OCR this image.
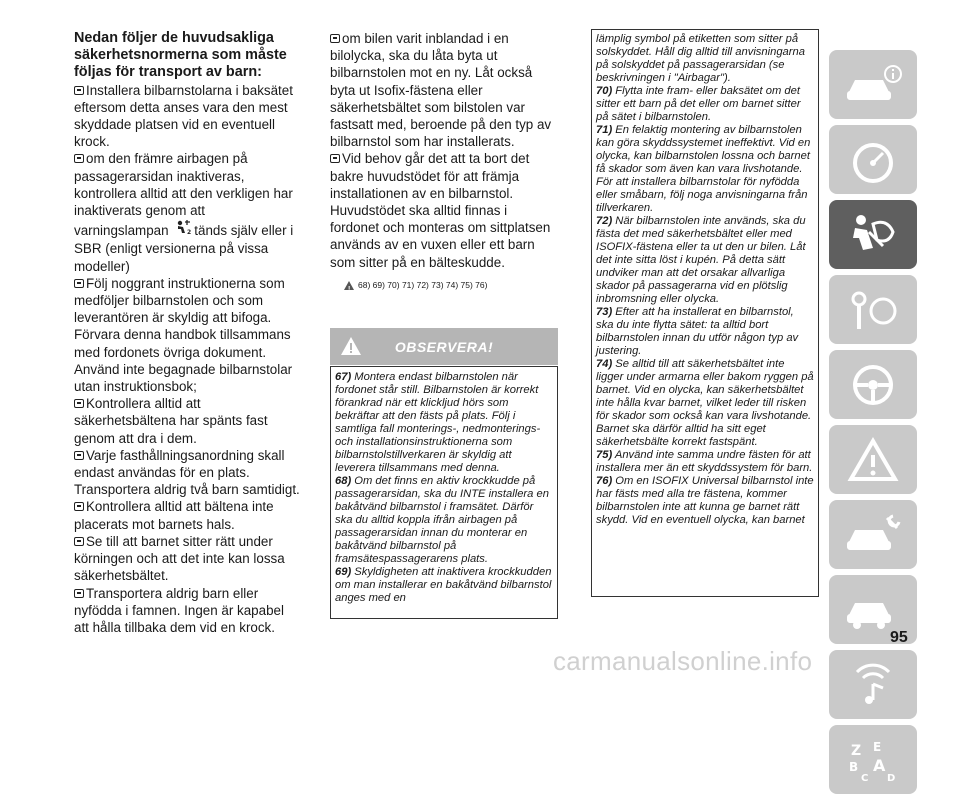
Nedan följer de huvudsakliga säkerhetsnormerna som måste följas för transport av barn:

Installera bilbarnstolarna i baksätet eftersom detta anses vara den mest skyddade platsen vid en eventuell krock.

om den främre airbagen på passagerarsidan inaktiveras, kontrollera alltid att den verkligen har inaktiverats genom att varningslampan	2 tänds själv eller i SBR (enligt versionerna på vissa modeller)

Följ noggrant instruktionerna som medföljer bilbarnstolen och som leverantören är skyldig att bifoga. Förvara denna handbok tillsammans med fordonets övriga dokument. Använd inte begagnade bilbarnstolar utan instruktionsbok;

Kontrollera alltid att säkerhetsbältena har spänts fast genom att dra i dem.

Varje fasthållningsanordning skall endast användas för en plats. Transportera aldrig två barn samtidigt.

Kontrollera alltid att bältena inte placerats mot barnets hals.

Se till att barnet sitter rätt under körningen och att det inte kan lossa säkerhetsbältet.

Transportera aldrig barn eller nyfödda i famnen. Ingen är kapabel att hålla tillbaka dem vid en krock.

om bilen varit inblandad i en bilolycka, ska du låta byta ut bilbarnstolen mot en ny. Låt också byta ut Isofix-fästena eller säkerhetsbältet som bilstolen var fastsatt med, beroende på den typ av bilbarnstol som har installerats.

Vid behov går det att ta bort det bakre huvudstödet för att främja installationen av en bilbarnstol. Huvudstödet ska alltid finnas i fordonet och monteras om sittplatsen används av en vuxen eller ett barn som sitter på en bälteskudde.

!
68) 69) 70) 71) 72) 73) 74) 75) 76)
OBSERVERA!

67) Montera endast bilbarnstolen när fordonet står still. Bilbarnstolen är korrekt förankrad när ett klickljud hörs som bekräftar att den fästs på plats. Följ i samtliga fall monterings-, nedmonterings- och installationsinstruktionerna som bilbarnstolstillverkaren är skyldig att leverera tillsammans med denna.

68) Om det finns en aktiv krockkudde på passagerarsidan, ska du INTE installera en bakåtvänd bilbarnstol i framsätet. Därför ska du alltid koppla ifrån airbagen på passagerarsidan innan du monterar en bakåtvänd bilbarnstol på framsätespassagerarens plats.

69) Skyldigheten att inaktivera krockkudden om man installerar en bakåtvänd bilbarnstol anges med en

lämplig symbol på etiketten som sitter på solskyddet. Håll dig alltid till anvisningarna på solskyddet på passagerarsidan (se beskrivningen i "Airbagar").

70) Flytta inte fram- eller baksätet om det sitter ett barn på det eller om barnet sitter på sätet i bilbarnstolen.

71) En felaktig montering av bilbarnstolen kan göra skyddssystemet ineffektivt. Vid en olycka, kan bilbarnstolen lossna och barnet få skador som även kan vara livshotande. För att installera bilbarnstolar för nyfödda eller småbarn, följ noga anvisningarna från tillverkaren.

72) När bilbarnstolen inte används, ska du fästa det med säkerhetsbältet eller med ISOFIX-fästena eller ta ut den ur bilen. Låt det inte sitta löst i kupén. På detta sätt undviker man att det orsakar allvarliga skador på passagerarna vid en plötslig inbromsning eller olycka.

73) Efter att ha installerat en bilbarnstol, ska du inte flytta sätet: ta alltid bort bilbarnstolen innan du utför någon typ av justering.

74) Se alltid till att säkerhetsbältet inte ligger under armarna eller bakom ryggen på barnet. Vid en olycka, kan säkerhetsbältet inte hålla kvar barnet, vilket leder till risken för skador som också kan vara livshotande. Barnet ska därför alltid ha sitt eget säkerhetsbälte korrekt fastspänt.

75) Använd inte samma undre fästen för att installera mer än ett skyddssystem för barn.

76) Om en ISOFIX Universal bilbarnstol inte har fästs med alla tre fästena, kommer bilbarnstolen inte att kunna ge barnet rätt skydd. Vid en eventuell olycka, kan barnet

Z E
B A
C D
95
carmanualsonline.info
